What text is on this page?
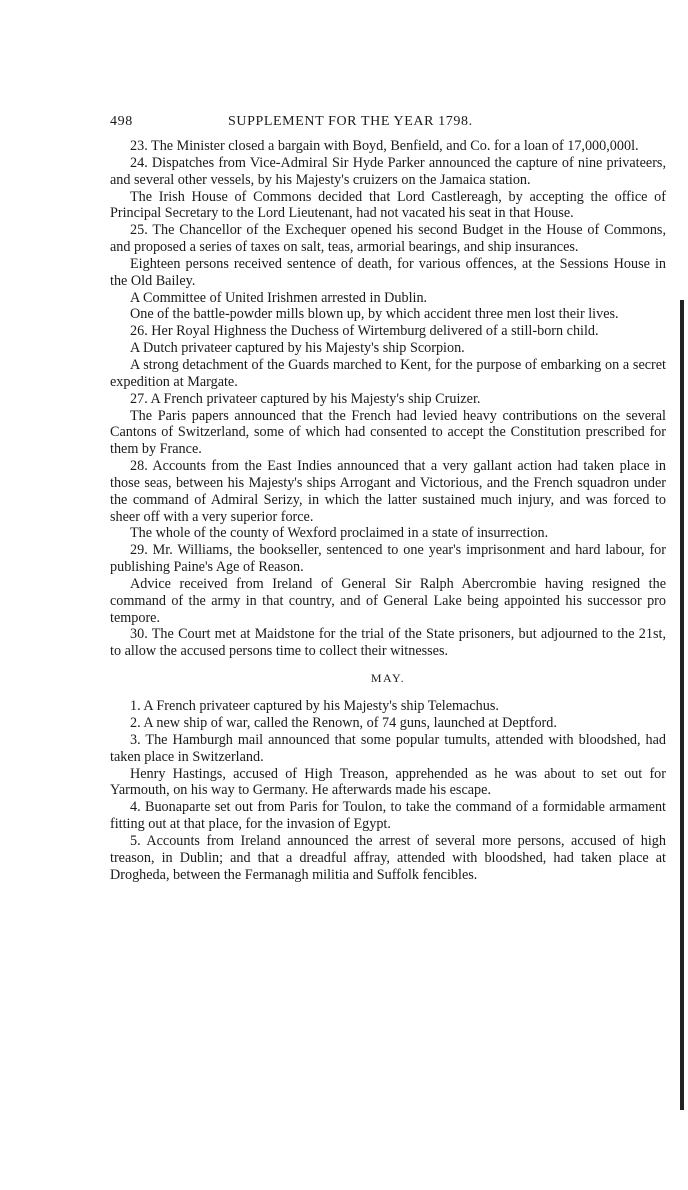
498	SUPPLEMENT FOR THE YEAR 1798.

23. The Minister closed a bargain with Boyd, Benfield, and Co. for a loan of 17,000,000l.

24. Dispatches from Vice-Admiral Sir Hyde Parker announced the capture of nine privateers, and several other vessels, by his Majesty's cruizers on the Jamaica station.

The Irish House of Commons decided that Lord Castlereagh, by accepting the office of Principal Secretary to the Lord Lieutenant, had not vacated his seat in that House.

25. The Chancellor of the Exchequer opened his second Budget in the House of Commons, and proposed a series of taxes on salt, teas, armorial bearings, and ship insurances.

Eighteen persons received sentence of death, for various offences, at the Sessions House in the Old Bailey.

A Committee of United Irishmen arrested in Dublin.

One of the battle-powder mills blown up, by which accident three men lost their lives.

26. Her Royal Highness the Duchess of Wirtemburg delivered of a still-born child.

A Dutch privateer captured by his Majesty's ship Scorpion.

A strong detachment of the Guards marched to Kent, for the purpose of embarking on a secret expedition at Margate.

27. A French privateer captured by his Majesty's ship Cruizer.

The Paris papers announced that the French had levied heavy contributions on the several Cantons of Switzerland, some of which had consented to accept the Constitution prescribed for them by France.

28. Accounts from the East Indies announced that a very gallant action had taken place in those seas, between his Majesty's ships Arrogant and Victorious, and the French squadron under the command of Admiral Serizy, in which the latter sustained much injury, and was forced to sheer off with a very superior force.

The whole of the county of Wexford proclaimed in a state of insurrection.

29. Mr. Williams, the bookseller, sentenced to one year's imprisonment and hard labour, for publishing Paine's Age of Reason.

Advice received from Ireland of General Sir Ralph Abercrombie having resigned the command of the army in that country, and of General Lake being appointed his successor pro tempore.

30. The Court met at Maidstone for the trial of the State prisoners, but adjourned to the 21st, to allow the accused persons time to collect their witnesses.

MAY.

1. A French privateer captured by his Majesty's ship Telemachus.

2. A new ship of war, called the Renown, of 74 guns, launched at Deptford.

3. The Hamburgh mail announced that some popular tumults, attended with bloodshed, had taken place in Switzerland.

Henry Hastings, accused of High Treason, apprehended as he was about to set out for Yarmouth, on his way to Germany. He afterwards made his escape.

4. Buonaparte set out from Paris for Toulon, to take the command of a formidable armament fitting out at that place, for the invasion of Egypt.

5. Accounts from Ireland announced the arrest of several more persons, accused of high treason, in Dublin; and that a dreadful affray, attended with bloodshed, had taken place at Drogheda, between the Fermanagh militia and Suffolk fencibles.
